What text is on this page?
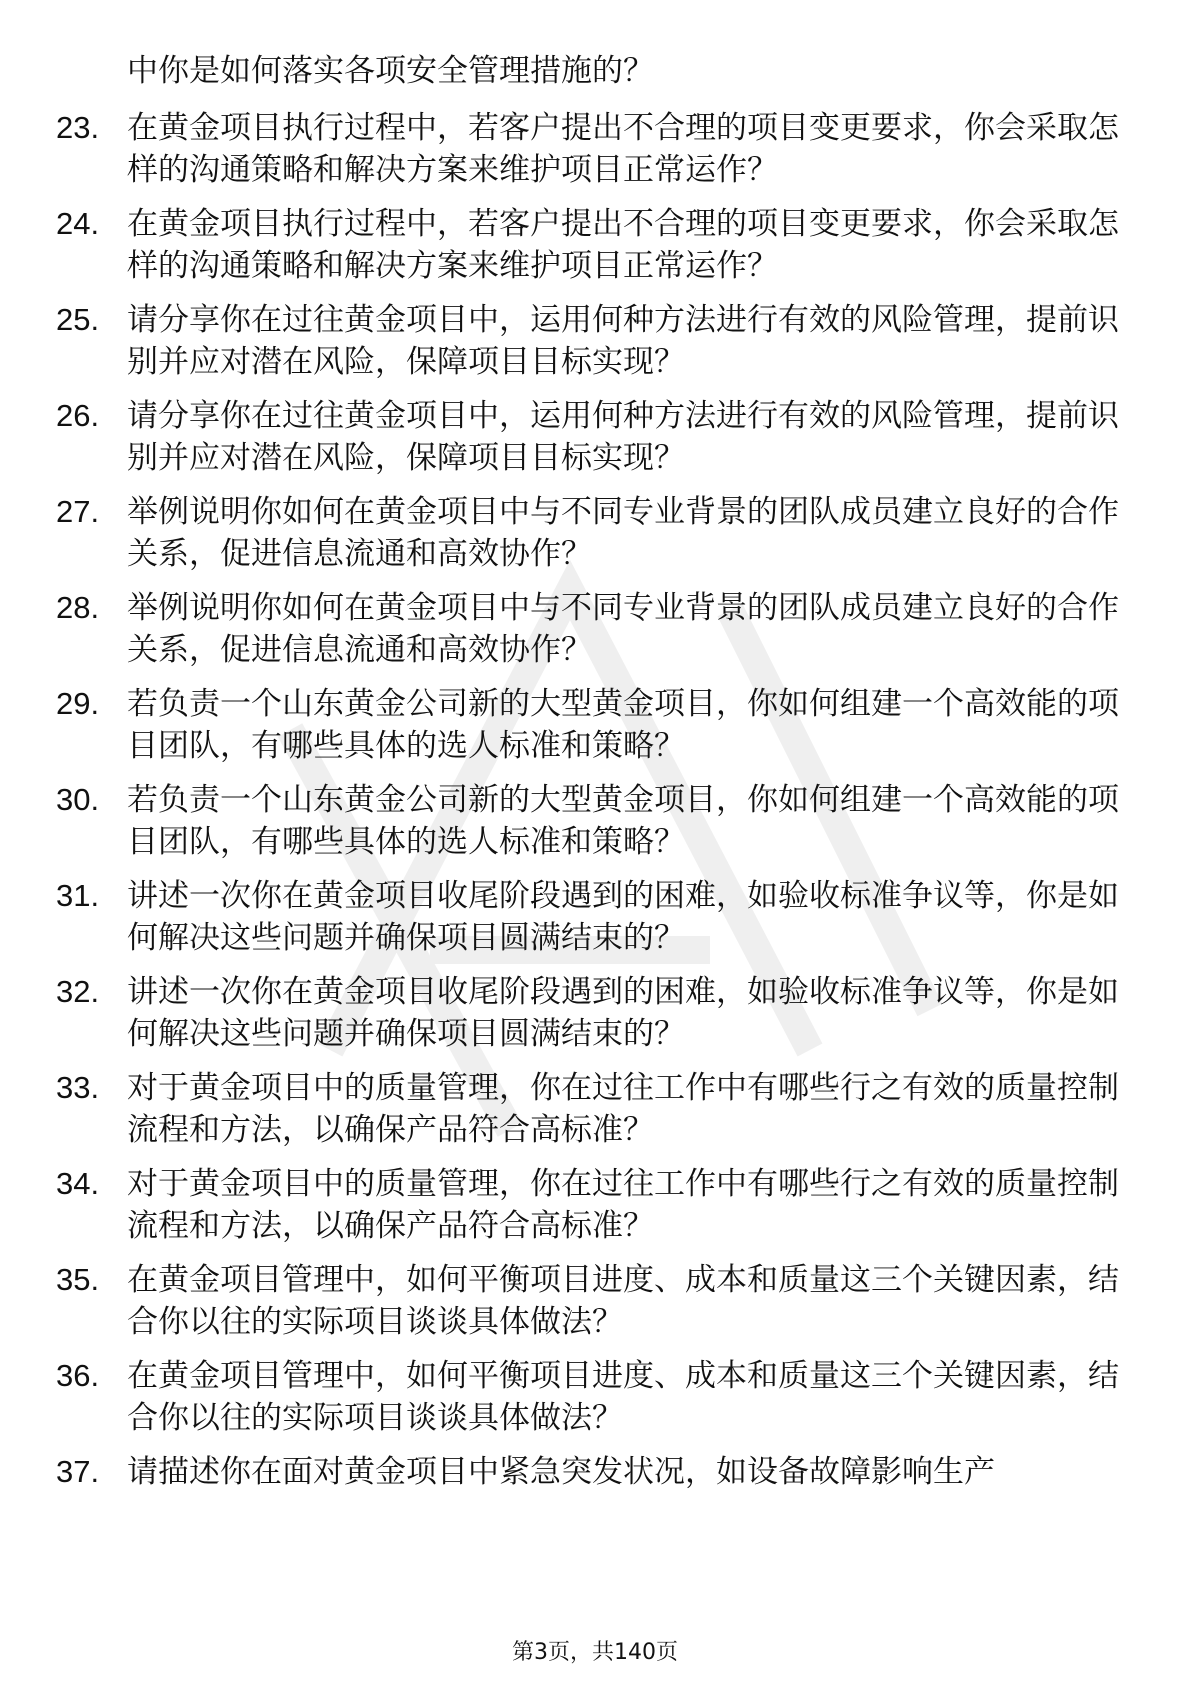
中你是如何落实各项安全管理措施的？
23. 在黄金项目执行过程中，若客户提出不合理的项目变更要求，你会采取怎样的沟通策略和解决方案来维护项目正常运作？
24. 在黄金项目执行过程中，若客户提出不合理的项目变更要求，你会采取怎样的沟通策略和解决方案来维护项目正常运作？
25. 请分享你在过往黄金项目中，运用何种方法进行有效的风险管理，提前识别并应对潜在风险，保障项目目标实现？
26. 请分享你在过往黄金项目中，运用何种方法进行有效的风险管理，提前识别并应对潜在风险，保障项目目标实现？
27. 举例说明你如何在黄金项目中与不同专业背景的团队成员建立良好的合作关系，促进信息流通和高效协作？
28. 举例说明你如何在黄金项目中与不同专业背景的团队成员建立良好的合作关系，促进信息流通和高效协作？
29. 若负责一个山东黄金公司新的大型黄金项目，你如何组建一个高效能的项目团队，有哪些具体的选人标准和策略？
30. 若负责一个山东黄金公司新的大型黄金项目，你如何组建一个高效能的项目团队，有哪些具体的选人标准和策略？
31. 讲述一次你在黄金项目收尾阶段遇到的困难，如验收标准争议等，你是如何解决这些问题并确保项目圆满结束的？
32. 讲述一次你在黄金项目收尾阶段遇到的困难，如验收标准争议等，你是如何解决这些问题并确保项目圆满结束的？
33. 对于黄金项目中的质量管理，你在过往工作中有哪些行之有效的质量控制流程和方法，以确保产品符合高标准？
34. 对于黄金项目中的质量管理，你在过往工作中有哪些行之有效的质量控制流程和方法，以确保产品符合高标准？
35. 在黄金项目管理中，如何平衡项目进度、成本和质量这三个关键因素，结合你以往的实际项目谈谈具体做法？
36. 在黄金项目管理中，如何平衡项目进度、成本和质量这三个关键因素，结合你以往的实际项目谈谈具体做法？
37. 请描述你在面对黄金项目中紧急突发状况，如设备故障影响生产
第3页，共140页
